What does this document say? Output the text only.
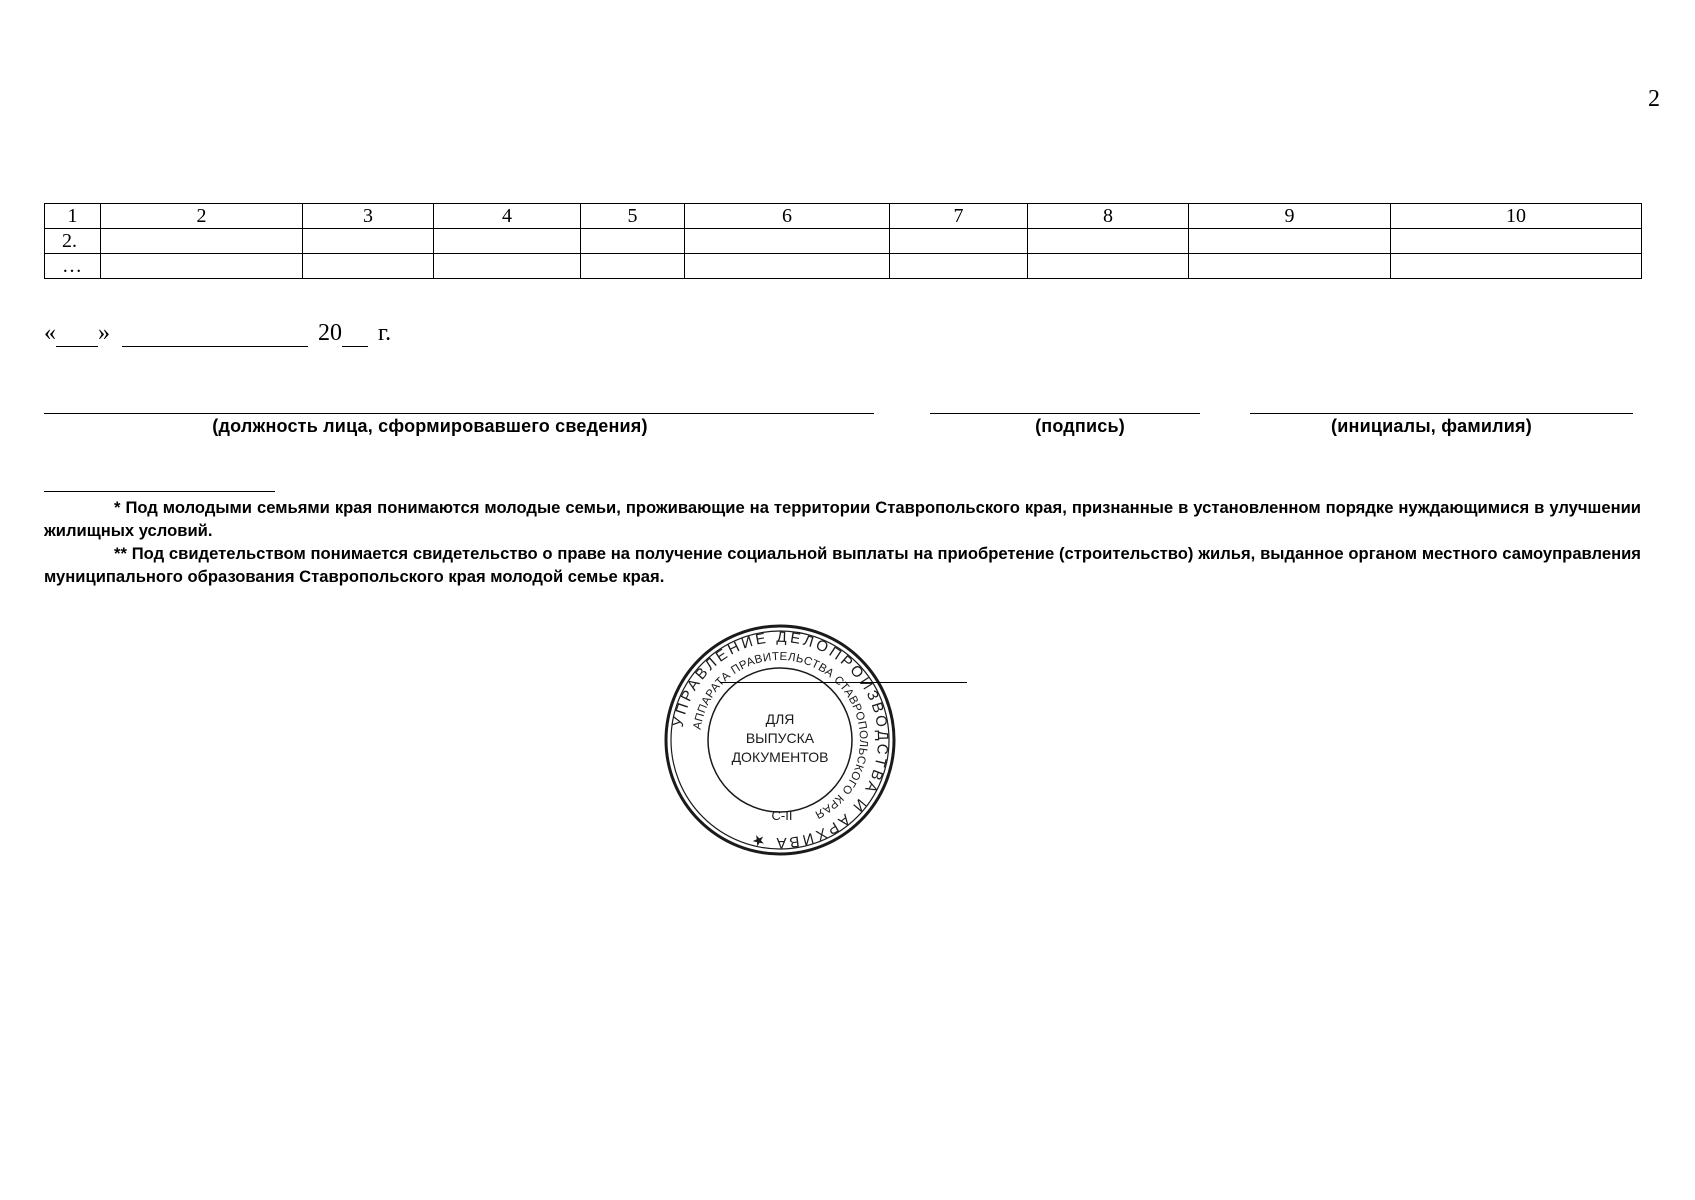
2
1	2	3	4	5	6	7	8	9	10
2.									
…									
« »	20 г.
(должность лица, сформировавшего сведения)	(подпись)	(инициалы, фамилия)

* Под молодыми семьями края понимаются молодые семьи, проживающие на территории Ставропольского края, признанные в установленном порядке нуждающимися в улучшении жилищных условий.

** Под свидетельством понимается свидетельство о праве на получение социальной выплаты на приобретение (строительство) жилья, выданное органом местного самоуправления муниципального образования Ставропольского края молодой семье края.

УПРАВЛЕНИЕ ДЕЛОПРОИЗВОДСТВА И АРХИВА ★
АППАРАТА ПРАВИТЕЛЬСТВА СТАВРОПОЛЬСКОГО КРАЯ
ДЛЯ
ВЫПУСКА
ДОКУМЕНТОВ
С-II
